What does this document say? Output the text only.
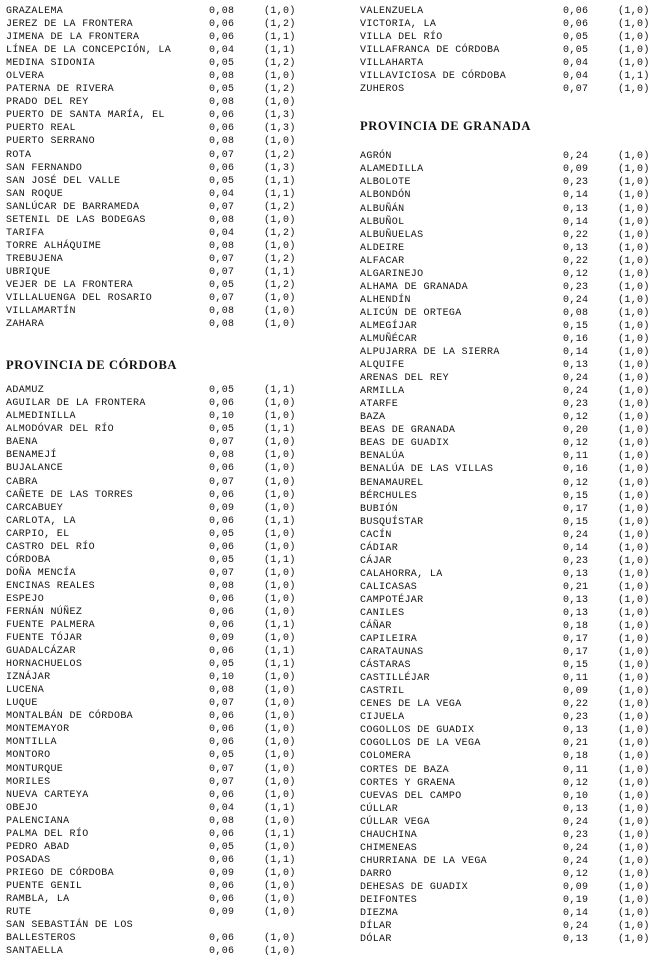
GRAZALEMA	0,08	(1,0)
JEREZ DE LA FRONTERA	0,06	(1,2)
JIMENA DE LA FRONTERA	0,06	(1,1)
LÍNEA DE LA CONCEPCIÓN, LA	0,04	(1,1)
MEDINA SIDONIA	0,05	(1,2)
OLVERA	0,08	(1,0)
PATERNA DE RIVERA	0,05	(1,2)
PRADO DEL REY	0,08	(1,0)
PUERTO DE SANTA MARÍA, EL	0,06	(1,3)
PUERTO REAL	0,06	(1,3)
PUERTO SERRANO	0,08	(1,0)
ROTA	0,07	(1,2)
SAN FERNANDO	0,06	(1,3)
SAN JOSÉ DEL VALLE	0,05	(1,1)
SAN ROQUE	0,04	(1,1)
SANLÚCAR DE BARRAMEDA	0,07	(1,2)
SETENIL DE LAS BODEGAS	0,08	(1,0)
TARIFA	0,04	(1,2)
TORRE ALHÁQUIME	0,08	(1,0)
TREBUJENA	0,07	(1,2)
UBRIQUE	0,07	(1,1)
VEJER DE LA FRONTERA	0,05	(1,2)
VILLALUENGA DEL ROSARIO	0,07	(1,0)
VILLAMARTÍN	0,08	(1,0)
ZAHARA	0,08	(1,0)
PROVINCIA DE CÓRDOBA
ADAMUZ	0,05	(1,1)
AGUILAR DE LA FRONTERA	0,06	(1,0)
ALMEDINILLA	0,10	(1,0)
ALMODÓVAR DEL RÍO	0,05	(1,1)
BAENA	0,07	(1,0)
BENAMEJÍ	0,08	(1,0)
BUJALANCE	0,06	(1,0)
CABRA	0,07	(1,0)
CAÑETE DE LAS TORRES	0,06	(1,0)
CARCABUEY	0,09	(1,0)
CARLOTA, LA	0,06	(1,1)
CARPIO, EL	0,05	(1,0)
CASTRO DEL RÍO	0,06	(1,0)
CÓRDOBA	0,05	(1,1)
DOÑA MENCÍA	0,07	(1,0)
ENCINAS REALES	0,08	(1,0)
ESPEJO	0,06	(1,0)
FERNÁN NÚÑEZ	0,06	(1,0)
FUENTE PALMERA	0,06	(1,1)
FUENTE TÓJAR	0,09	(1,0)
GUADALCÁZAR	0,06	(1,1)
HORNACHUELOS	0,05	(1,1)
IZNÁJAR	0,10	(1,0)
LUCENA	0,08	(1,0)
LUQUE	0,07	(1,0)
MONTALBÁN DE CÓRDOBA	0,06	(1,0)
MONTEMAYOR	0,06	(1,0)
MONTILLA	0,06	(1,0)
MONTORO	0,05	(1,0)
MONTURQUE	0,07	(1,0)
MORILES	0,07	(1,0)
NUEVA CARTEYA	0,06	(1,0)
OBEJO	0,04	(1,1)
PALENCIANA	0,08	(1,0)
PALMA DEL RÍO	0,06	(1,1)
PEDRO ABAD	0,05	(1,0)
POSADAS	0,06	(1,1)
PRIEGO DE CÓRDOBA	0,09	(1,0)
PUENTE GENIL	0,06	(1,0)
RAMBLA, LA	0,06	(1,0)
RUTE	0,09	(1,0)
SAN SEBASTIÁN DE LOS
BALLESTEROS	0,06	(1,0)
SANTAELLA	0,06	(1,0)
VALENZUELA	0,06	(1,0)
VICTORIA, LA	0,06	(1,0)
VILLA DEL RÍO	0,05	(1,0)
VILLAFRANCA DE CÓRDOBA	0,05	(1,0)
VILLAHARTA	0,04	(1,0)
VILLAVICIOSA DE CÓRDOBA	0,04	(1,1)
ZUHEROS	0,07	(1,0)
PROVINCIA DE GRANADA
AGRÓN	0,24	(1,0)
ALAMEDILLA	0,09	(1,0)
ALBOLOTE	0,23	(1,0)
ALBONDÓN	0,14	(1,0)
ALBUÑÁN	0,13	(1,0)
ALBUÑOL	0,14	(1,0)
ALBUÑUELAS	0,22	(1,0)
ALDEIRE	0,13	(1,0)
ALFACAR	0,22	(1,0)
ALGARINEJO	0,12	(1,0)
ALHAMA DE GRANADA	0,23	(1,0)
ALHENDÍN	0,24	(1,0)
ALICÚN DE ORTEGA	0,08	(1,0)
ALMEGÍJAR	0,15	(1,0)
ALMUÑÉCAR	0,16	(1,0)
ALPUJARRA DE LA SIERRA	0,14	(1,0)
ALQUIFE	0,13	(1,0)
ARENAS DEL REY	0,24	(1,0)
ARMILLA	0,24	(1,0)
ATARFE	0,23	(1,0)
BAZA	0,12	(1,0)
BEAS DE GRANADA	0,20	(1,0)
BEAS DE GUADIX	0,12	(1,0)
BENALÚA	0,11	(1,0)
BENALÚA DE LAS VILLAS	0,16	(1,0)
BENAMAUREL	0,12	(1,0)
BÉRCHULES	0,15	(1,0)
BUBIÓN	0,17	(1,0)
BUSQUÍSTAR	0,15	(1,0)
CACÍN	0,24	(1,0)
CÁDIAR	0,14	(1,0)
CÁJAR	0,23	(1,0)
CALAHORRA, LA	0,13	(1,0)
CALICASAS	0,21	(1,0)
CAMPOTÉJAR	0,13	(1,0)
CANILES	0,13	(1,0)
CÁÑAR	0,18	(1,0)
CAPILEIRA	0,17	(1,0)
CARATAUNAS	0,17	(1,0)
CÁSTARAS	0,15	(1,0)
CASTILLÉJAR	0,11	(1,0)
CASTRIL	0,09	(1,0)
CENES DE LA VEGA	0,22	(1,0)
CIJUELA	0,23	(1,0)
COGOLLOS DE GUADIX	0,13	(1,0)
COGOLLOS DE LA VEGA	0,21	(1,0)
COLOMERA	0,18	(1,0)
CORTES DE BAZA	0,11	(1,0)
CORTES Y GRAENA	0,12	(1,0)
CUEVAS DEL CAMPO	0,10	(1,0)
CÚLLAR	0,13	(1,0)
CÚLLAR VEGA	0,24	(1,0)
CHAUCHINA	0,23	(1,0)
CHIMENEAS	0,24	(1,0)
CHURRIANA DE LA VEGA	0,24	(1,0)
DARRO	0,12	(1,0)
DEHESAS DE GUADIX	0,09	(1,0)
DEIFONTES	0,19	(1,0)
DIEZMA	0,14	(1,0)
DÍLAR	0,24	(1,0)
DÓLAR	0,13	(1,0)
